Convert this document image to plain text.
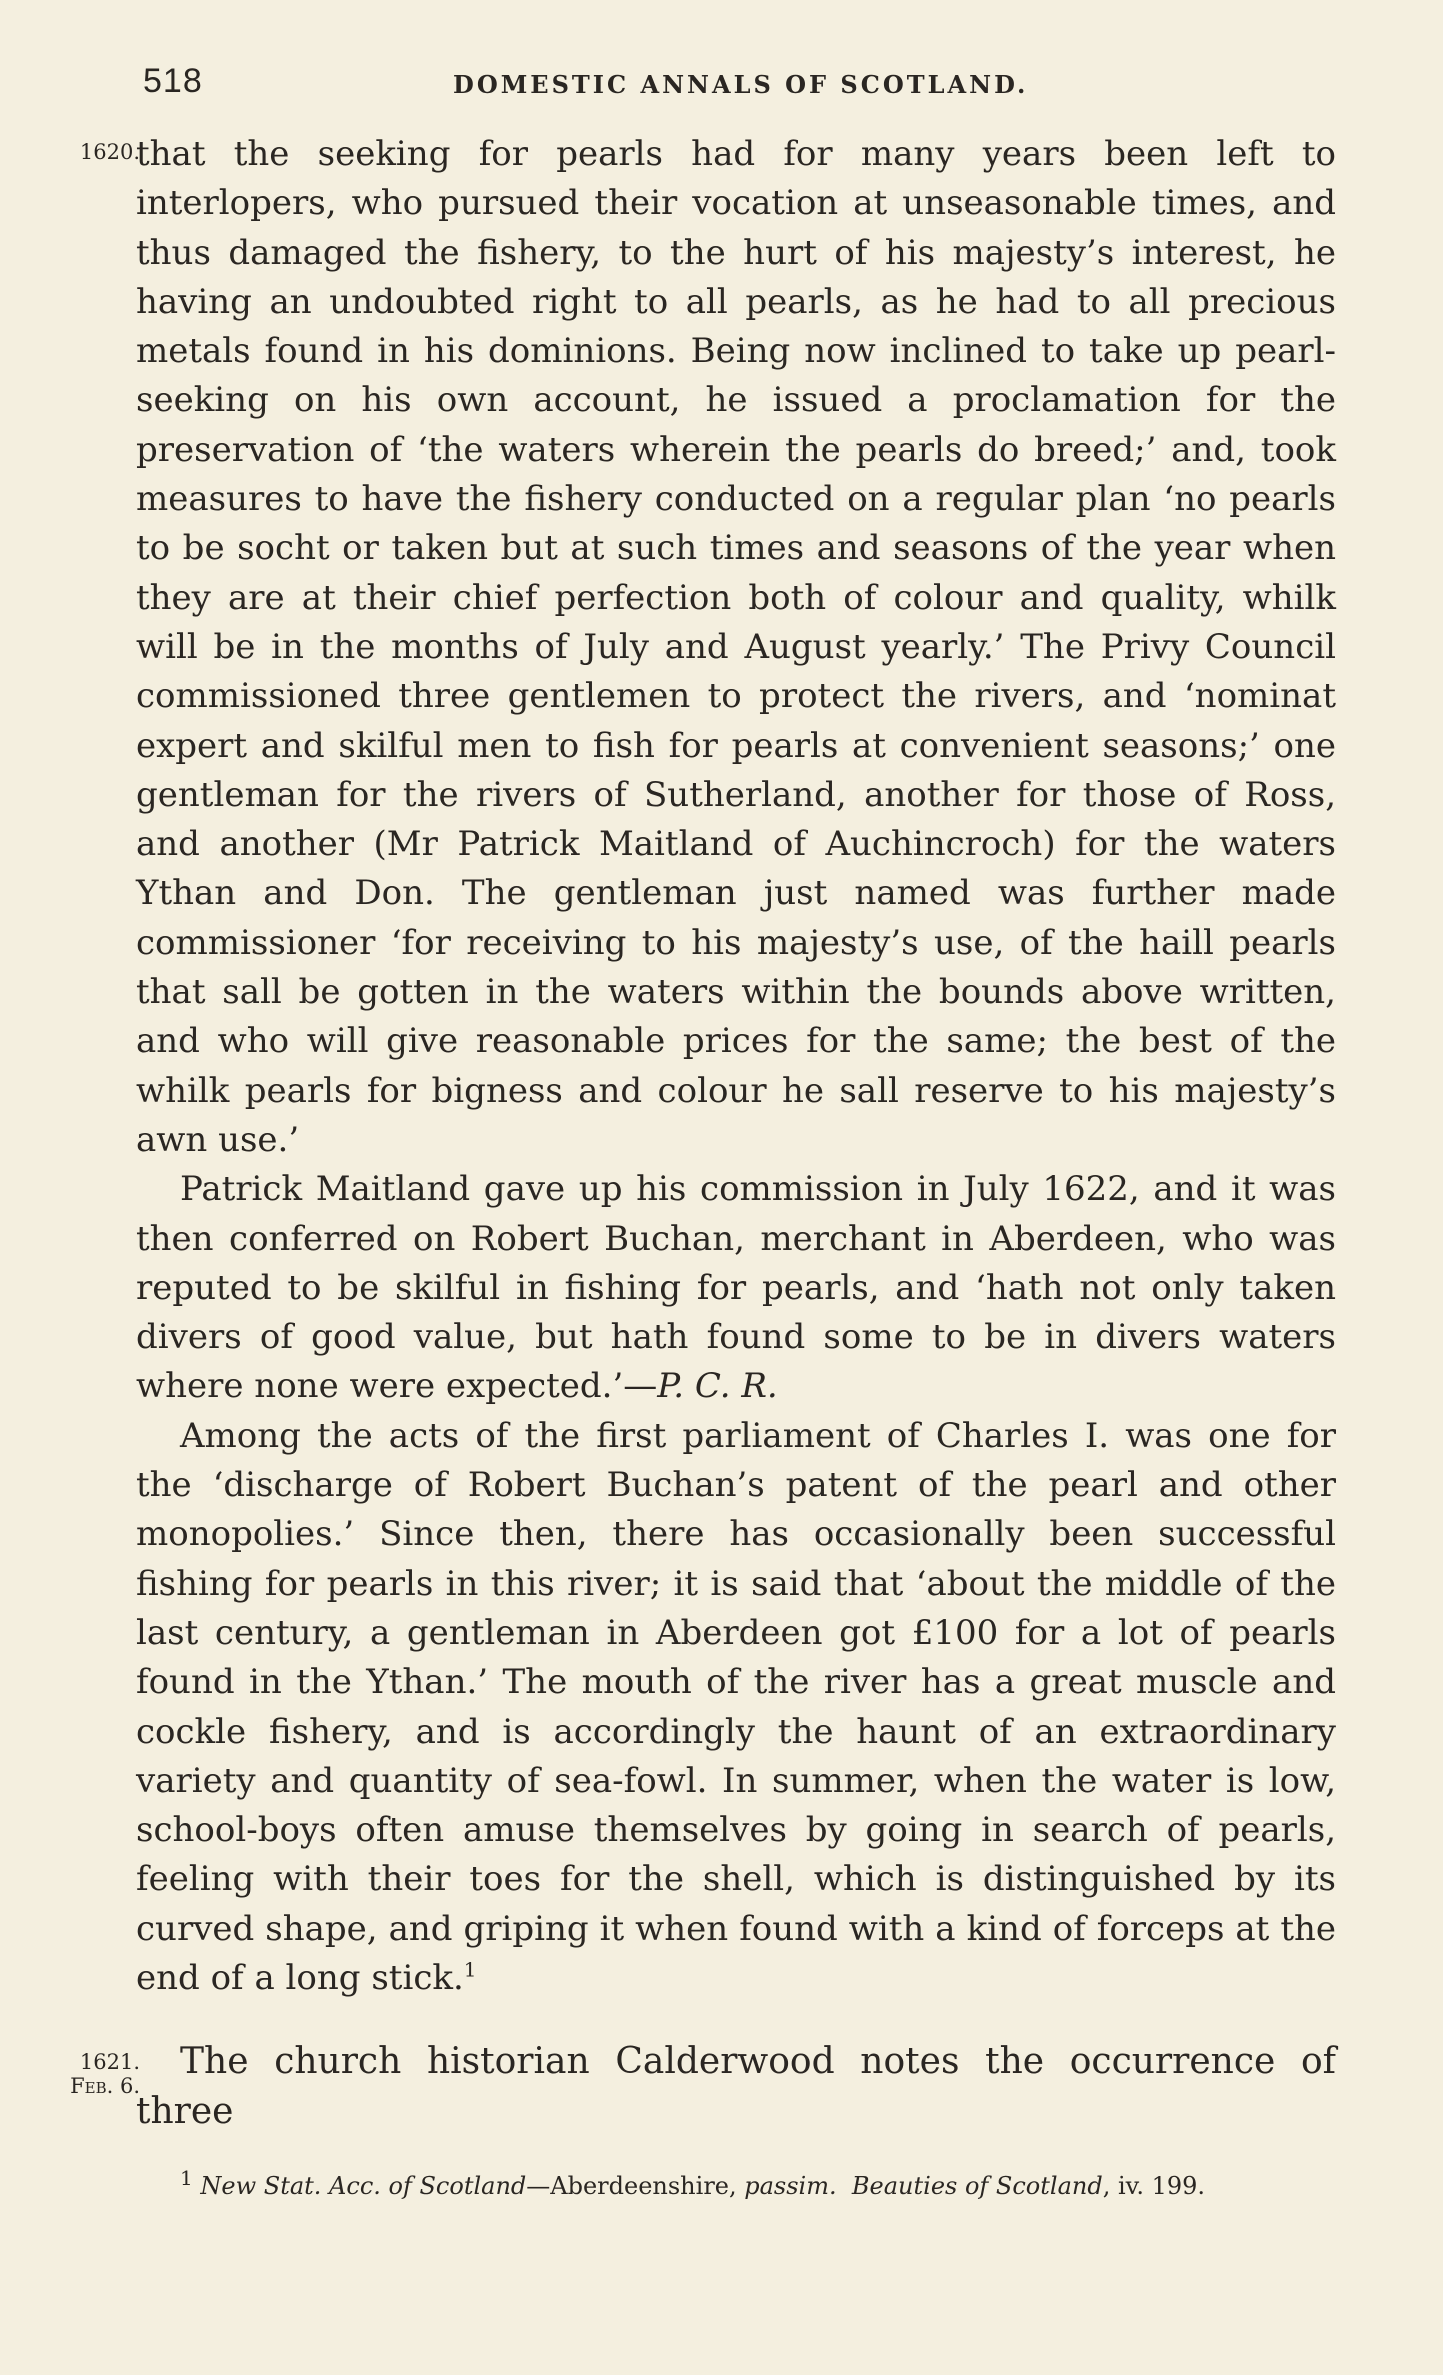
518	DOMESTIC ANNALS OF SCOTLAND.
1620.
1621.
Feb. 6.

that the seeking for pearls had for many years been left to interlopers, who pursued their vocation at unseasonable times, and thus damaged the fishery, to the hurt of his majesty’s interest, he having an undoubted right to all pearls, as he had to all precious metals found in his dominions. Being now inclined to take up pearl-seeking on his own account, he issued a proclamation for the preservation of ‘the waters wherein the pearls do breed;’ and, took measures to have the fishery conducted on a regular plan ‘no pearls to be socht or taken but at such times and seasons of the year when they are at their chief perfection both of colour and quality, whilk will be in the months of July and August yearly.’ The Privy Council commissioned three gentlemen to protect the rivers, and ‘nominat expert and skilful men to fish for pearls at convenient seasons;’ one gentleman for the rivers of Sutherland, another for those of Ross, and another (Mr Patrick Maitland of Auchincroch) for the waters Ythan and Don. The gentleman just named was further made commissioner ‘for receiving to his majesty’s use, of the haill pearls that sall be gotten in the waters within the bounds above written, and who will give reasonable prices for the same; the best of the whilk pearls for bigness and colour he sall reserve to his majesty’s awn use.’

Patrick Maitland gave up his commission in July 1622, and it was then conferred on Robert Buchan, merchant in Aberdeen, who was reputed to be skilful in fishing for pearls, and ‘hath not only taken divers of good value, but hath found some to be in divers waters where none were expected.’—P. C. R.

Among the acts of the first parliament of Charles I. was one for the ‘discharge of Robert Buchan’s patent of the pearl and other monopolies.’ Since then, there has occasionally been successful fishing for pearls in this river; it is said that ‘about the middle of the last century, a gentleman in Aberdeen got £100 for a lot of pearls found in the Ythan.’ The mouth of the river has a great muscle and cockle fishery, and is accordingly the haunt of an extraordinary variety and quantity of sea-fowl. In summer, when the water is low, school-boys often amuse themselves by going in search of pearls, feeling with their toes for the shell, which is distinguished by its curved shape, and griping it when found with a kind of forceps at the end of a long stick.$^1$

The church historian Calderwood notes the occurrence of three

$^1$ New Stat. Acc. of Scotland—Aberdeenshire, passim. Beauties of Scotland, iv. 199.
